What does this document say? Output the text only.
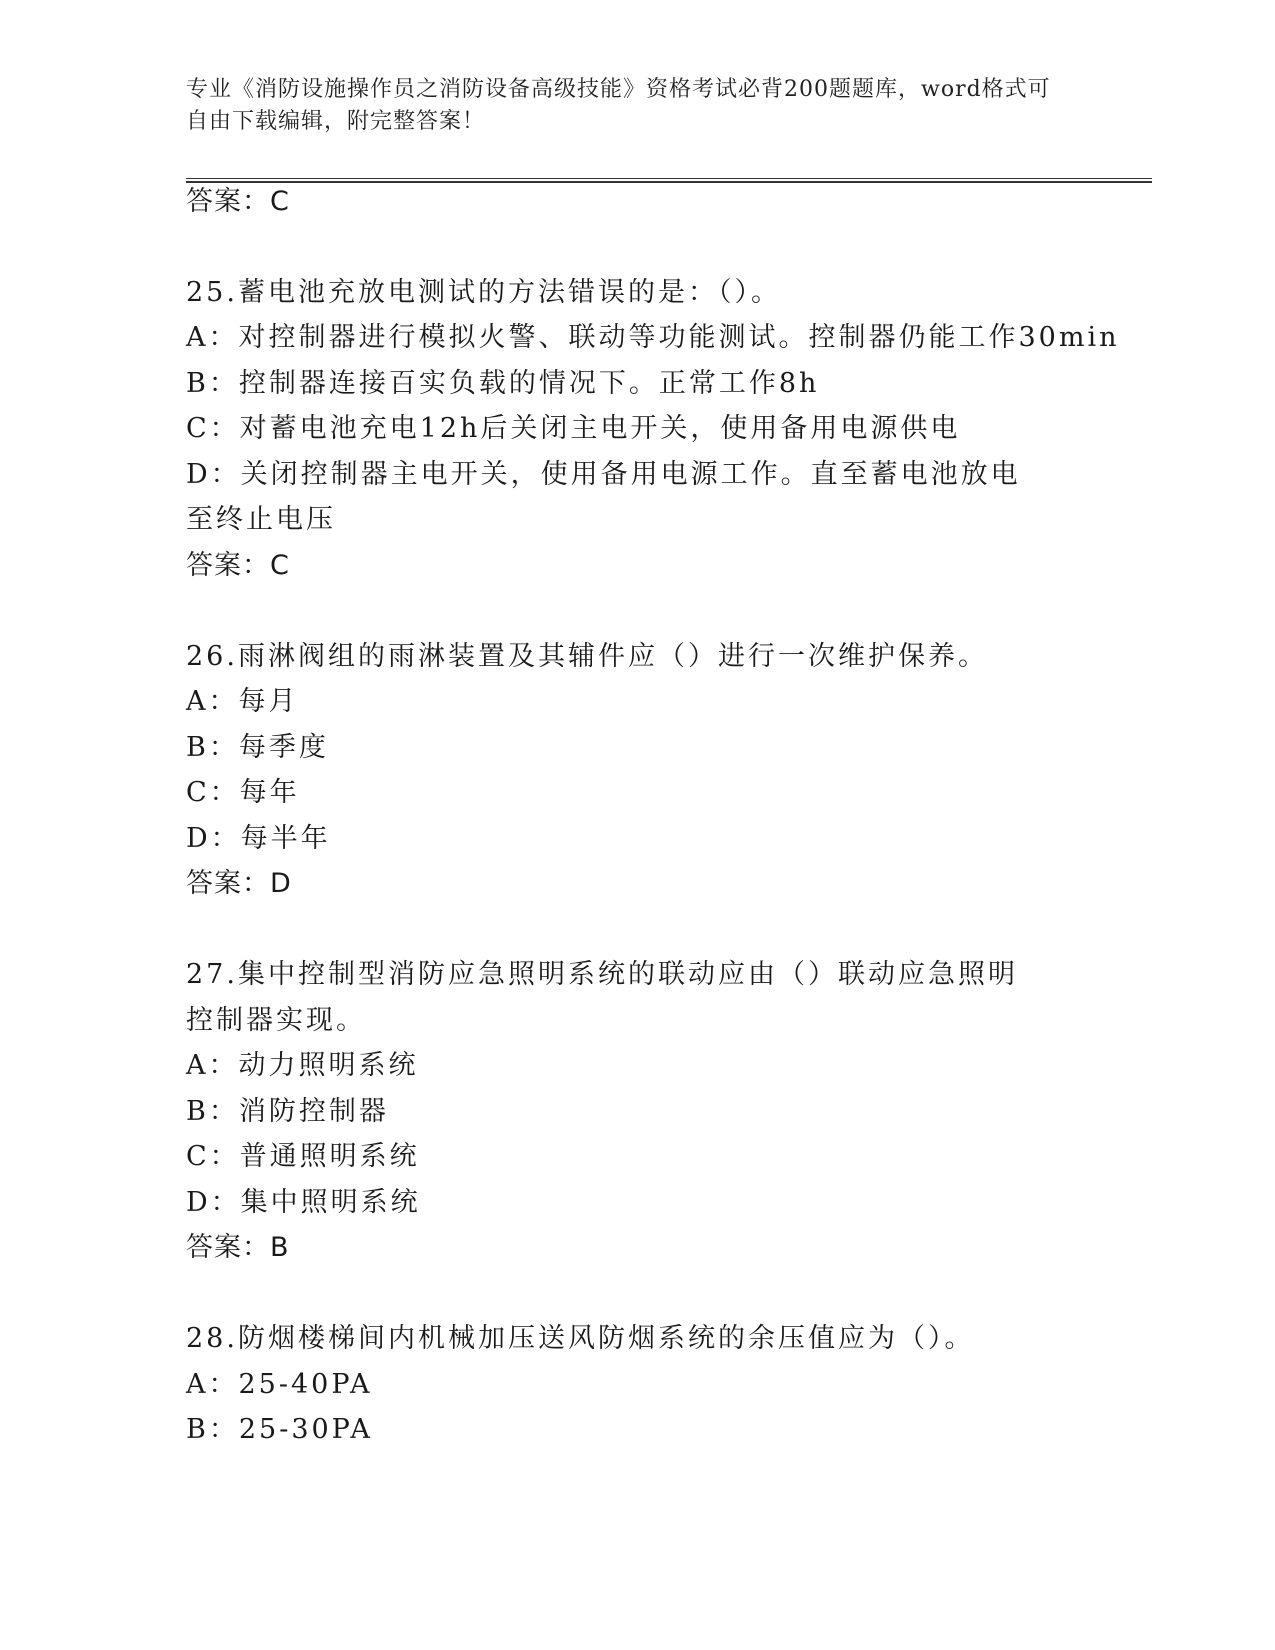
专业《消防设施操作员之消防设备高级技能》资格考试必背200题题库，word格式可自由下载编辑，附完整答案！
答案：C
25.蓄电池充放电测试的方法错误的是：（）。
A：对控制器进行模拟火警、联动等功能测试。控制器仍能工作30min
B：控制器连接百实负载的情况下。正常工作8h
C：对蓄电池充电12h后关闭主电开关，使用备用电源供电
D：关闭控制器主电开关，使用备用电源工作。直至蓄电池放电至终止电压
答案：C
26.雨淋阀组的雨淋装置及其辅件应（）进行一次维护保养。
A：每月
B：每季度
C：每年
D：每半年
答案：D
27.集中控制型消防应急照明系统的联动应由（）联动应急照明控制器实现。
A：动力照明系统
B：消防控制器
C：普通照明系统
D：集中照明系统
答案：B
28.防烟楼梯间内机械加压送风防烟系统的余压值应为（）。
A：25-40PA
B：25-30PA
